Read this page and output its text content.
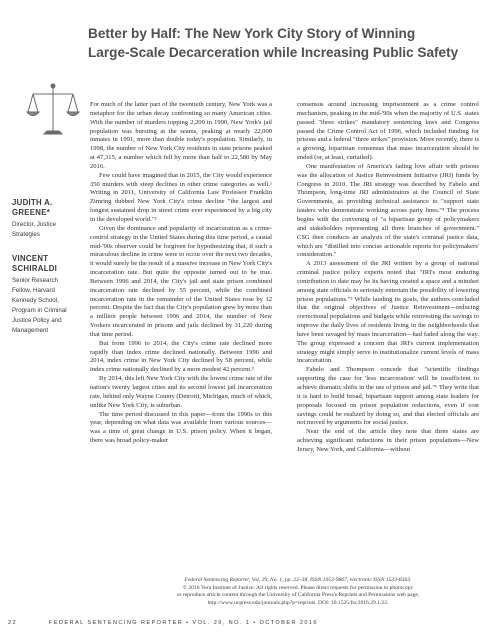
Better by Half: The New York City Story of Winning
Large-Scale Decarceration while Increasing Public Safety
JUDITH A. GREENE*
Director, Justice
Strategies
VINCENT SCHIRALDI
Senior Research
Fellow, Harvard
Kennedy School,
Program in Criminal
Justice Policy and
Management

For much of the latter part of the twentieth century, New York was a metaphor for the urban decay confronting so many American cities. With the number of murders topping 2,200 in 1990, New York's jail population was bursting at the seams, peaking at nearly 22,000 inmates in 1991, more than double today's population. Similarly, in 1998, the number of New York City residents in state prisons peaked at 47,315, a number which fell by more than half to 22,580 by May 2016.

Few could have imagined that in 2015, the City would experience 350 murders with steep declines in other crime categories as well.¹ Writing in 2011, University of California Law Professor Franklin Zimring dubbed New York City's crime decline "the largest and longest sustained drop in street crime ever experienced by a big city in the developed world."²

Given the dominance and popularity of incarceration as a crime-control strategy in the United States during this time period, a casual mid-'90s observer could be forgiven for hypothesizing that, if such a miraculous decline in crime were to occur over the next two decades, it would surely be the result of a massive increase in New York City's incarceration rate. But quite the opposite turned out to be true. Between 1996 and 2014, the City's jail and state prison combined incarceration rate declined by 55 percent, while the combined incarceration rate in the remainder of the United States rose by 12 percent. Despite the fact that the City's population grew by more than a million people between 1996 and 2014, the number of New Yorkers incarcerated in prisons and jails declined by 31,220 during that time period.

But from 1996 to 2014, the City's crime rate declined more rapidly than index crime declined nationally. Between 1996 and 2014, index crime in New York City declined by 58 percent, while index crime nationally declined by a more modest 42 percent.³

By 2014, this left New York City with the lowest crime rate of the nation's twenty largest cities and its second lowest jail incarceration rate, behind only Wayne County (Detroit), Michigan, much of which, unlike New York City, is suburban.

The time period discussed in this paper—from the 1990s to this year, depending on what data was available from various sources—was a time of great change in U.S. prison policy. When it began, there was broad policy-maker

consensus around increasing imprisonment as a crime control mechanism, peaking in the mid-'90s when the majority of U.S. states passed "three strikes" mandatory sentencing laws and Congress passed the Crime Control Act of 1996, which included funding for prisons and a federal "three strikes" provision. More recently, there is a growing, bipartisan consensus that mass incarceration should be ended (or, at least, curtailed).

One manifestation of America's fading love affair with prisons was the allocation of Justice Reinvestment Initiative (JRI) funds by Congress in 2010. The JRI strategy was described by Fabelo and Thompson, long-time JRI administrators at the Council of State Governments, as providing technical assistance to "support state leaders who demonstrate working across party lines."⁴ The process begins with the convening of "a bipartisan group of policymakers and stakeholders representing all three branches of government." CSG then conducts an analysis of the state's criminal justice data, which are "distilled into concise actionable reports for policymakers' consideration."

A 2013 assessment of the JRI written by a group of national criminal justice policy experts noted that "JRI's most enduring contribution to date may be its having created a space and a mindset among state officials to seriously entertain the possibility of lowering prison populations."⁵ While lauding its goals, the authors concluded that the original objectives of Justice Reinvestment—reducing correctional populations and budgets while reinvesting the savings to improve the daily lives of residents living in the neighborhoods that have been ravaged by mass incarceration—had faded along the way. The group expressed a concern that JRI's current implementation strategy might simply serve to institutionalize current levels of mass incarceration.

Fabelo and Thompson concede that "scientific findings supporting the case for 'less incarceration' will be insufficient to achieve dramatic shifts in the use of prison and jail."⁶ They write that it is hard to build broad, bipartisan support among state leaders for proposals focused on prison population reductions, even if cost savings could be realized by doing so, and that elected officials are not moved by arguments for social justice.

Near the end of the article they note that three states are achieving significant reductions in their prison populations—New Jersey, New York, and California—without

Federal Sentencing Reporter, Vol. 29, No. 1, pp. 22–38, ISSN 1053-9867, electronic ISSN 1533-8363.
© 2016 Vera Institute of Justice. All rights reserved. Please direct requests for permission to photocopy
or reproduce article content through the University of California Press's Reprints and Permissions web page,
http://www.ucpress.edu/journals.php?p=reprints. DOI: 10.1525/fsr.2016.29.1.22.
22	FEDERAL SENTENCING REPORTER • VOL. 29, NO. 1 • OCTOBER 2016
